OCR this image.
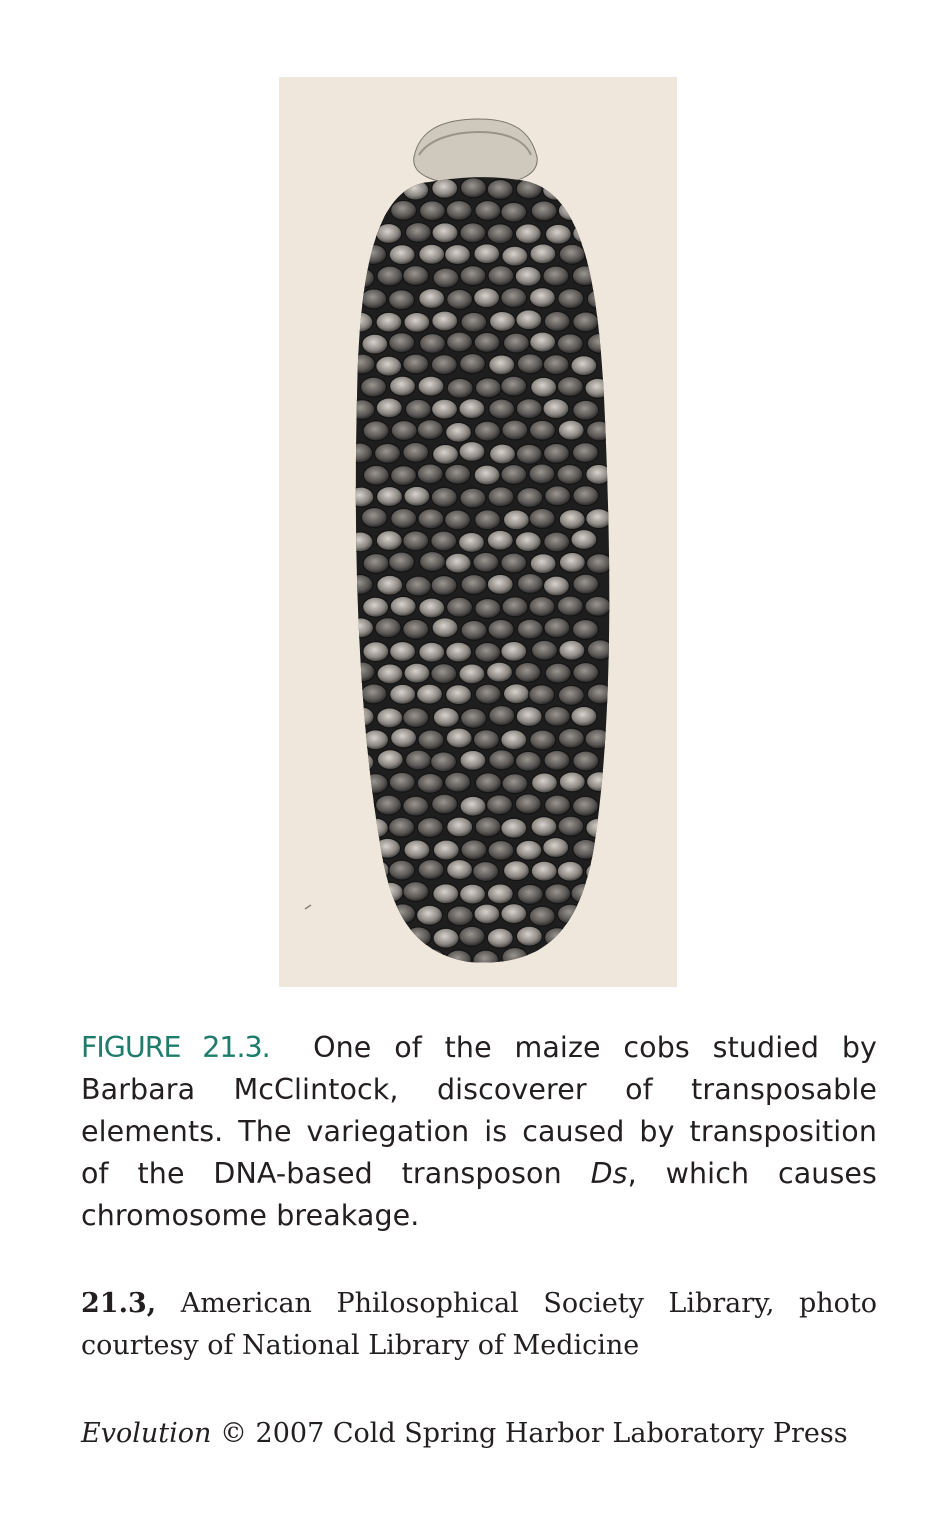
FIGURE 21.3. One of the maize cobs studied by Barbara McClintock, discoverer of transposable elements. The variegation is caused by transposition of the DNA-based transposon Ds, which causes chromosome breakage.
21.3, American Philosophical Society Library, photo courtesy of National Library of Medicine
Evolution © 2007 Cold Spring Harbor Laboratory Press
